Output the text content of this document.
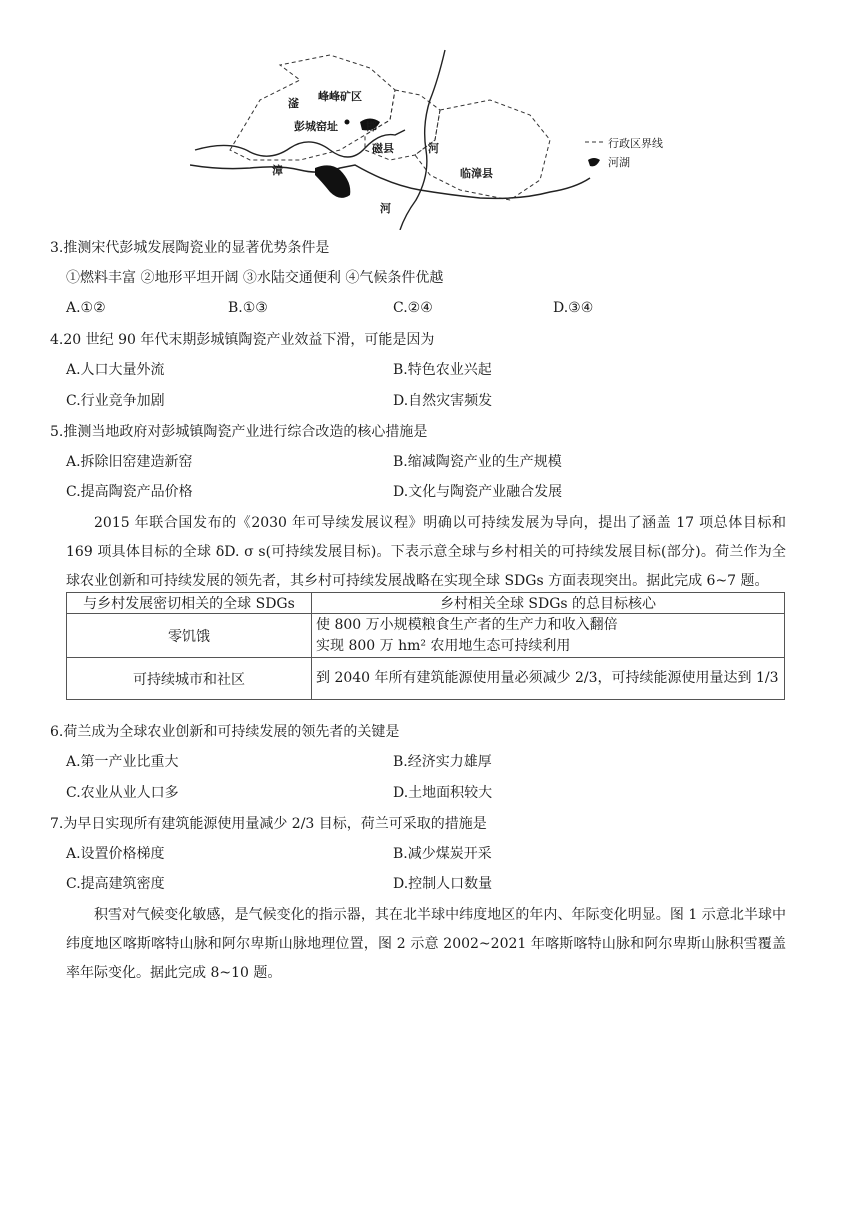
峰峰矿区
彭城窑址	邯
磁县
临漳县
滏
漳
河
河
行政区界线
河湖
3.推测宋代彭城发展陶瓷业的显著优势条件是
①燃料丰富 ②地形平坦开阔 ③水陆交通便利 ④气候条件优越
A.①②	B.①③	C.②④	D.③④
4.20 世纪 90 年代末期彭城镇陶瓷产业效益下滑，可能是因为
A.人口大量外流	B.特色农业兴起
C.行业竞争加剧	D.自然灾害频发
5.推测当地政府对彭城镇陶瓷产业进行综合改造的核心措施是
A.拆除旧窑建造新窑	B.缩减陶瓷产业的生产规模
C.提高陶瓷产品价格	D.文化与陶瓷产业融合发展
2015 年联合国发布的《2030 年可导续发展议程》明确以可持续发展为导向，提出了涵盖 17 项总体目标和 169 项具体目标的全球 δD. σ s(可持续发展目标)。下表示意全球与乡村相关的可持续发展目标(部分)。荷兰作为全球农业创新和可持续发展的领先者，其乡村可持续发展战略在实现全球 SDGs 方面表现突出。据此完成 6~7 题。
与乡村发展密切相关的全球 SDGs	乡村相关全球 SDGs 的总目标核心
零饥饿	使 800 万小规模粮食生产者的生产力和收入翻倍
实现 800 万 hm² 农用地生态可持续利用

可持续城市和社区	到 2040 年所有建筑能源使用量必须减少 2/3，可持续能源使用量达到 1/3
6.荷兰成为全球农业创新和可持续发展的领先者的关键是
A.第一产业比重大	B.经济实力雄厚
C.农业从业人口多	D.土地面积较大
7.为早日实现所有建筑能源使用量减少 2/3 目标，荷兰可采取的措施是
A.设置价格梯度	B.减少煤炭开采
C.提高建筑密度	D.控制人口数量
积雪对气候变化敏感，是气候变化的指示器，其在北半球中纬度地区的年内、年际变化明显。图 1 示意北半球中纬度地区喀斯喀特山脉和阿尔卑斯山脉地理位置，图 2 示意 2002~2021 年喀斯喀特山脉和阿尔卑斯山脉积雪覆盖率年际变化。据此完成 8~10 题。
